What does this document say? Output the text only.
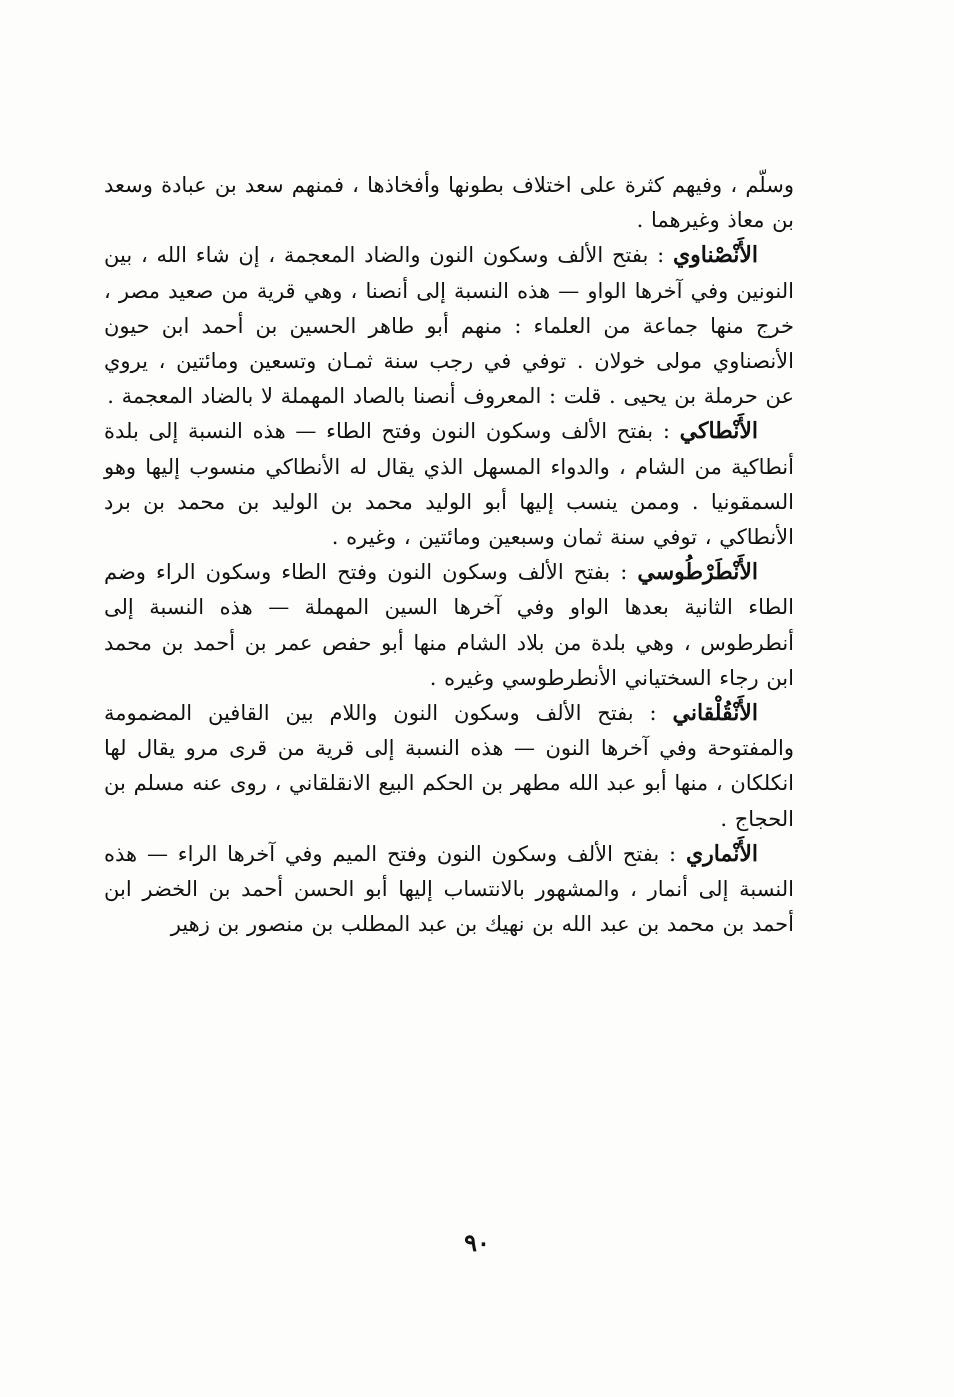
وسلّم ، وفيهم كثرة على اختلاف بطونها وأفخاذها ، فمنهم سعد بن عبادة وسعد بن معاذ وغيرهما .

الأَنْصْناوي : بفتح الألف وسكون النون والضاد المعجمة ، إن شاء الله ، بين النونين وفي آخرها الواو — هذه النسبة إلى أنصنا ، وهي قرية من صعيد مصر ، خرج منها جماعة من العلماء : منهم أبو طاهر الحسين بن أحمد ابن حيون الأنصناوي مولى خولان . توفي في رجب سنة ثمـان وتسعين ومائتين ، يروي عن حرملة بن يحيى . قلت : المعروف أنصنا بالصاد المهملة لا بالضاد المعجمة .

الأَنْطاكي : بفتح الألف وسكون النون وفتح الطاء — هذه النسبة إلى بلدة أنطاكية من الشام ، والدواء المسهل الذي يقال له الأنطاكي منسوب إليها وهو السمقونيا . وممن ينسب إليها أبو الوليد محمد بن الوليد بن محمد بن برد الأنطاكي ، توفي سنة ثمان وسبعين ومائتين ، وغيره .

الأَنْطَرْطُوسي : بفتح الألف وسكون النون وفتح الطاء وسكون الراء وضم الطاء الثانية بعدها الواو وفي آخرها السين المهملة — هذه النسبة إلى أنطرطوس ، وهي بلدة من بلاد الشام منها أبو حفص عمر بن أحمد بن محمد ابن رجاء السختياني الأنطرطوسي وغيره .

الأَنْقُلْقاني : بفتح الألف وسكون النون واللام بين القافين المضمومة والمفتوحة وفي آخرها النون — هذه النسبة إلى قرية من قرى مرو يقال لها انكلكان ، منها أبو عبد الله مطهر بن الحكم البيع الانقلقاني ، روى عنه مسلم بن الحجاج .

الأَنْماري : بفتح الألف وسكون النون وفتح الميم وفي آخرها الراء — هذه النسبة إلى أنمار ، والمشهور بالانتساب إليها أبو الحسن أحمد بن الخضر ابن أحمد بن محمد بن عبد الله بن نهيك بن عبد المطلب بن منصور بن زهير

٩٠
